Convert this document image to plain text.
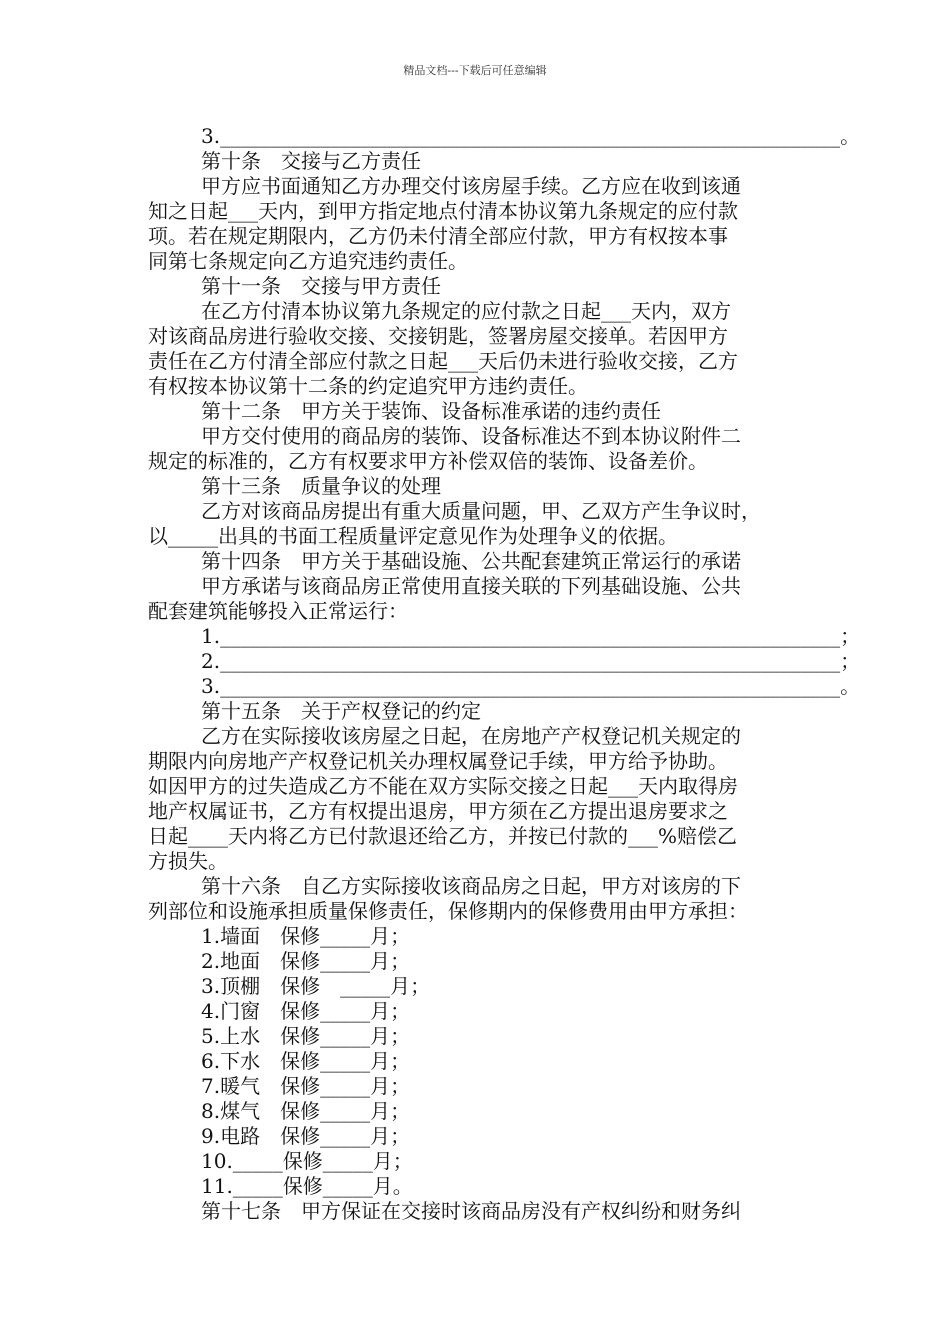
精品文档---下载后可任意编辑

3.______________________________________________________________。

第十条　交接与乙方责任

甲方应书面通知乙方办理交付该房屋手续。乙方应在收到该通

知之日起___天内，到甲方指定地点付清本协议第九条规定的应付款

项。若在规定期限内，乙方仍未付清全部应付款，甲方有权按本事

同第七条规定向乙方追究违约责任。

第十一条　交接与甲方责任

在乙方付清本协议第九条规定的应付款之日起___天内，双方

对该商品房进行验收交接、交接钥匙，签署房屋交接单。若因甲方

责任在乙方付清全部应付款之日起___天后仍未进行验收交接，乙方

有权按本协议第十二条的约定追究甲方违约责任。

第十二条　甲方关于装饰、设备标准承诺的违约责任

甲方交付使用的商品房的装饰、设备标准达不到本协议附件二

规定的标准的，乙方有权要求甲方补偿双倍的装饰、设备差价。

第十三条　质量争议的处理

乙方对该商品房提出有重大质量问题，甲、乙双方产生争议时，

以_____出具的书面工程质量评定意见作为处理争义的依据。

第十四条　甲方关于基础设施、公共配套建筑正常运行的承诺

甲方承诺与该商品房正常使用直接关联的下列基础设施、公共

配套建筑能够投入正常运行：

1.______________________________________________________________；

2.______________________________________________________________；

3.______________________________________________________________。

第十五条　关于产权登记的约定

乙方在实际接收该房屋之日起，在房地产产权登记机关规定的

期限内向房地产产权登记机关办理权属登记手续，甲方给予协助。

如因甲方的过失造成乙方不能在双方实际交接之日起___天内取得房

地产权属证书，乙方有权提出退房，甲方须在乙方提出退房要求之

日起____天内将乙方已付款退还给乙方，并按已付款的___%赔偿乙

方损失。

第十六条　自乙方实际接收该商品房之日起，甲方对该房的下

列部位和设施承担质量保修责任，保修期内的保修费用由甲方承担：

1.墙面　保修_____月；

2.地面　保修_____月；

3.顶棚　保修　_____月；

4.门窗　保修_____月；

5.上水　保修_____月；

6.下水　保修_____月；

7.暖气　保修_____月；

8.煤气　保修_____月；

9.电路　保修_____月；

10._____保修_____月；

11._____保修_____月。

第十七条　甲方保证在交接时该商品房没有产权纠纷和财务纠
